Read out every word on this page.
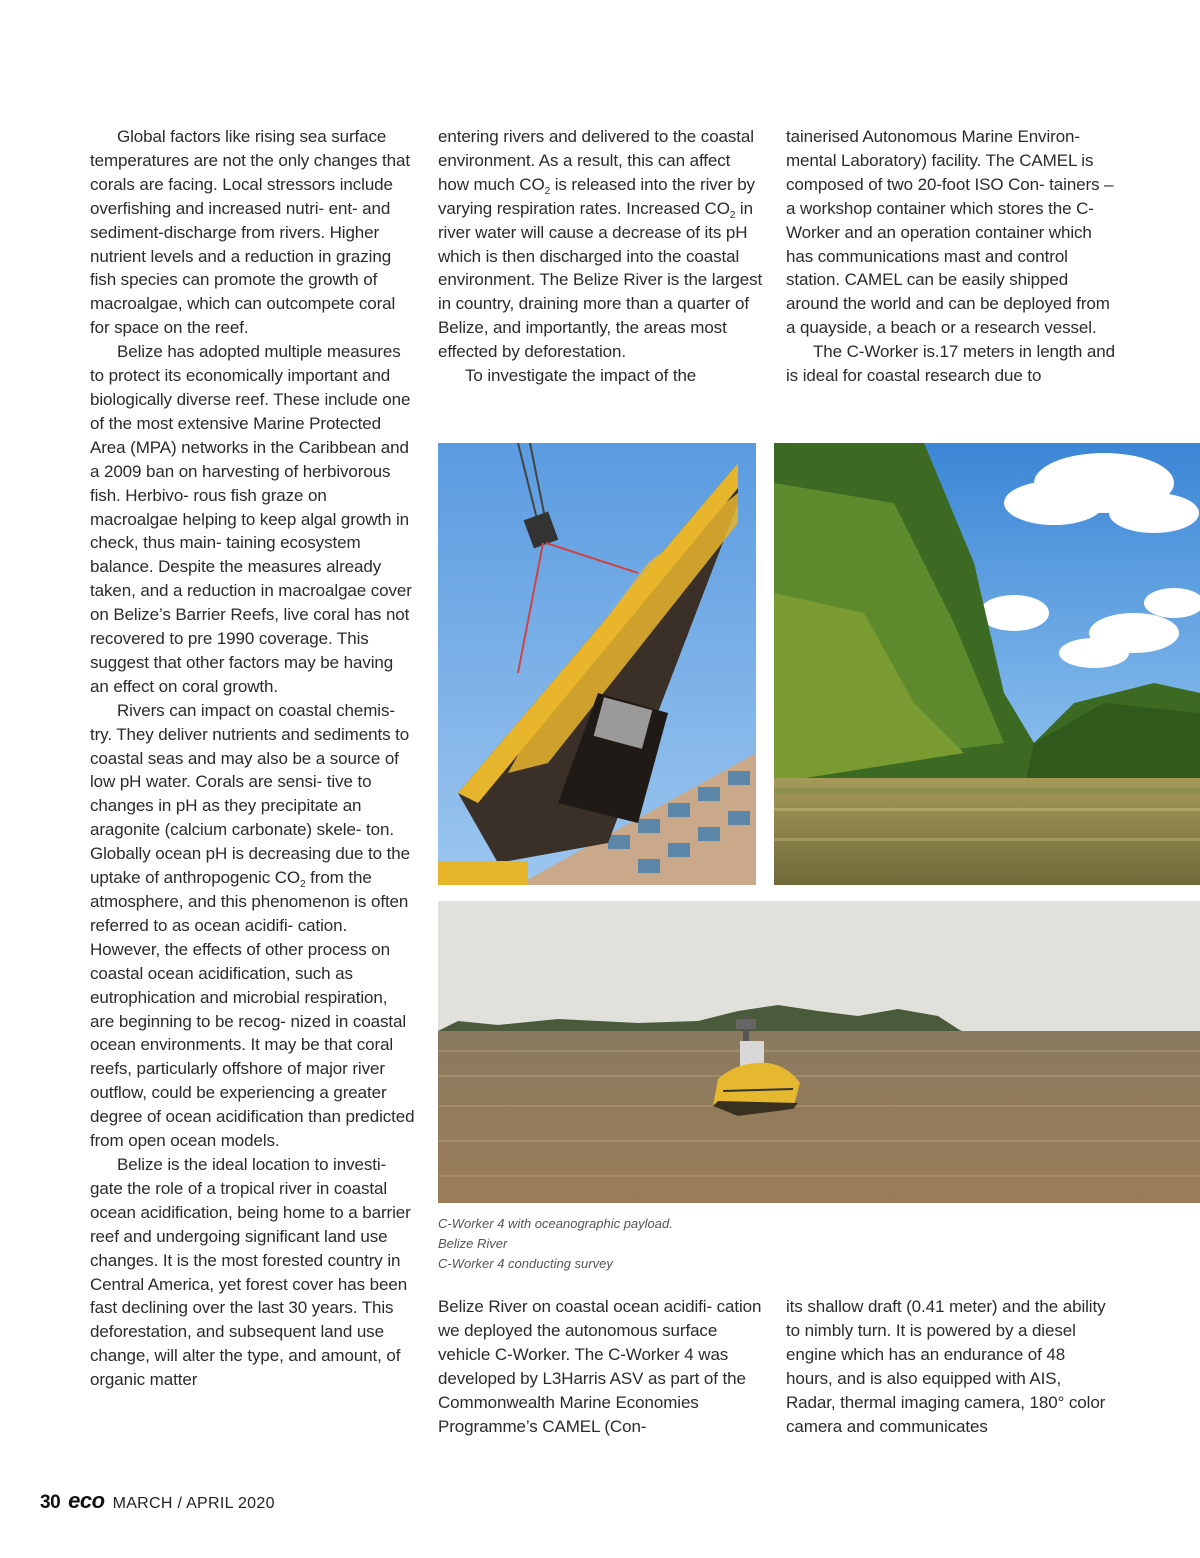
Global factors like rising sea surface temperatures are not the only changes that corals are facing. Local stressors include overfishing and increased nutri- ent- and sediment-discharge from rivers. Higher nutrient levels and a reduction in grazing fish species can promote the growth of macroalgae, which can outcompete coral for space on the reef.

Belize has adopted multiple measures to protect its economically important and biologically diverse reef. These include one of the most extensive Marine Protected Area (MPA) networks in the Caribbean and a 2009 ban on harvesting of herbivorous fish. Herbivo- rous fish graze on macroalgae helping to keep algal growth in check, thus main- taining ecosystem balance. Despite the measures already taken, and a reduction in macroalgae cover on Belize’s Barrier Reefs, live coral has not recovered to pre 1990 coverage. This suggest that other factors may be having an effect on coral growth.

Rivers can impact on coastal chemis- try. They deliver nutrients and sediments to coastal seas and may also be a source of low pH water. Corals are sensi- tive to changes in pH as they precipitate an aragonite (calcium carbonate) skele- ton. Globally ocean pH is decreasing due to the uptake of anthropogenic $CO_2$ from the atmosphere, and this phenomenon is often referred to as ocean acidifi- cation. However, the effects of other process on coastal ocean acidification, such as eutrophication and microbial respiration, are beginning to be recog- nized in coastal ocean environments. It may be that coral reefs, particularly offshore of major river outflow, could be experiencing a greater degree of ocean acidification than predicted from open ocean models.

Belize is the ideal location to investi- gate the role of a tropical river in coastal ocean acidification, being home to a barrier reef and undergoing significant land use changes. It is the most forested country in Central America, yet forest cover has been fast declining over the last 30 years. This deforestation, and subsequent land use change, will alter the type, and amount, of organic matter

entering rivers and delivered to the coastal environment. As a result, this can affect how much $CO_2$ is released into the river by varying respiration rates. Increased $CO_2$ in river water will cause a decrease of its pH which is then discharged into the coastal environment. The Belize River is the largest in country, draining more than a quarter of Belize, and importantly, the areas most effected by deforestation.

To investigate the impact of the

tainerised Autonomous Marine Environ- mental Laboratory) facility. The CAMEL is composed of two 20-foot ISO Con- tainers – a workshop container which stores the C-Worker and an operation container which has communications mast and control station. CAMEL can be easily shipped around the world and can be deployed from a quayside, a beach or a research vessel.

The C-Worker is.17 meters in length and is ideal for coastal research due to

C-Worker 4 with oceanographic payload.
Belize River
C-Worker 4 conducting survey

Belize River on coastal ocean acidifi- cation we deployed the autonomous surface vehicle C-Worker. The C-Worker 4 was developed by L3Harris ASV as part of the Commonwealth Marine Economies Programme’s CAMEL (Con-

its shallow draft (0.41 meter) and the ability to nimbly turn. It is powered by a diesel engine which has an endurance of 48 hours, and is also equipped with AIS, Radar, thermal imaging camera, 180° color camera and communicates

30 eco MARCH / APRIL 2020
